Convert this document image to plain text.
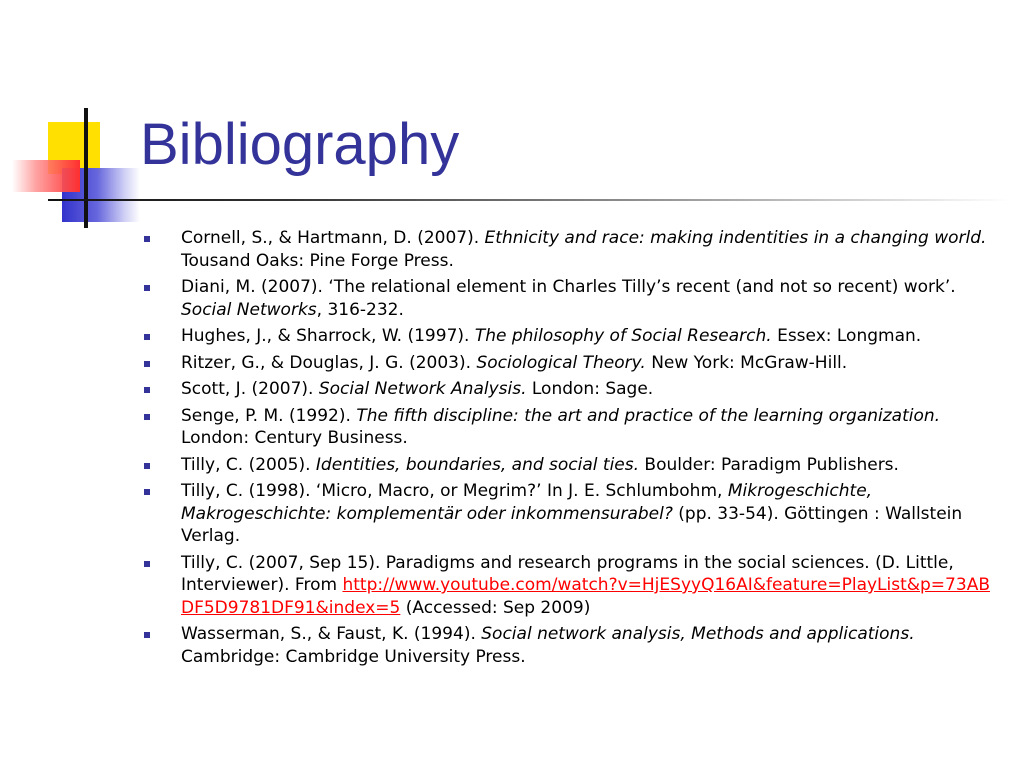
Bibliography
Cornell, S., & Hartmann, D. (2007). Ethnicity and race: making indentities in a changing world. Tousand Oaks: Pine Forge Press.
Diani, M. (2007). ‘The relational element in Charles Tilly’s recent (and not so recent) work’. Social Networks, 316-232.
Hughes, J., & Sharrock, W. (1997). The philosophy of Social Research. Essex: Longman.
Ritzer, G., & Douglas, J. G. (2003). Sociological Theory. New York: McGraw-Hill.
Scott, J. (2007). Social Network Analysis. London: Sage.
Senge, P. M. (1992). The fifth discipline: the art and practice of the learning organization. London: Century Business.
Tilly, C. (2005). Identities, boundaries, and social ties. Boulder: Paradigm Publishers.
Tilly, C. (1998). ‘Micro, Macro, or Megrim?’ In J. E. Schlumbohm, Mikrogeschichte, Makrogeschichte: komplementär oder inkommensurabel? (pp. 33-54). Göttingen : Wallstein Verlag.
Tilly, C. (2007, Sep 15). Paradigms and research programs in the social sciences. (D. Little, Interviewer). From http://www.youtube.com/watch?v=HjESyyQ16AI&feature=PlayList&p=73ABDF5D9781DF91&index=5 (Accessed: Sep 2009)
Wasserman, S., & Faust, K. (1994). Social network analysis, Methods and applications. Cambridge: Cambridge University Press.
